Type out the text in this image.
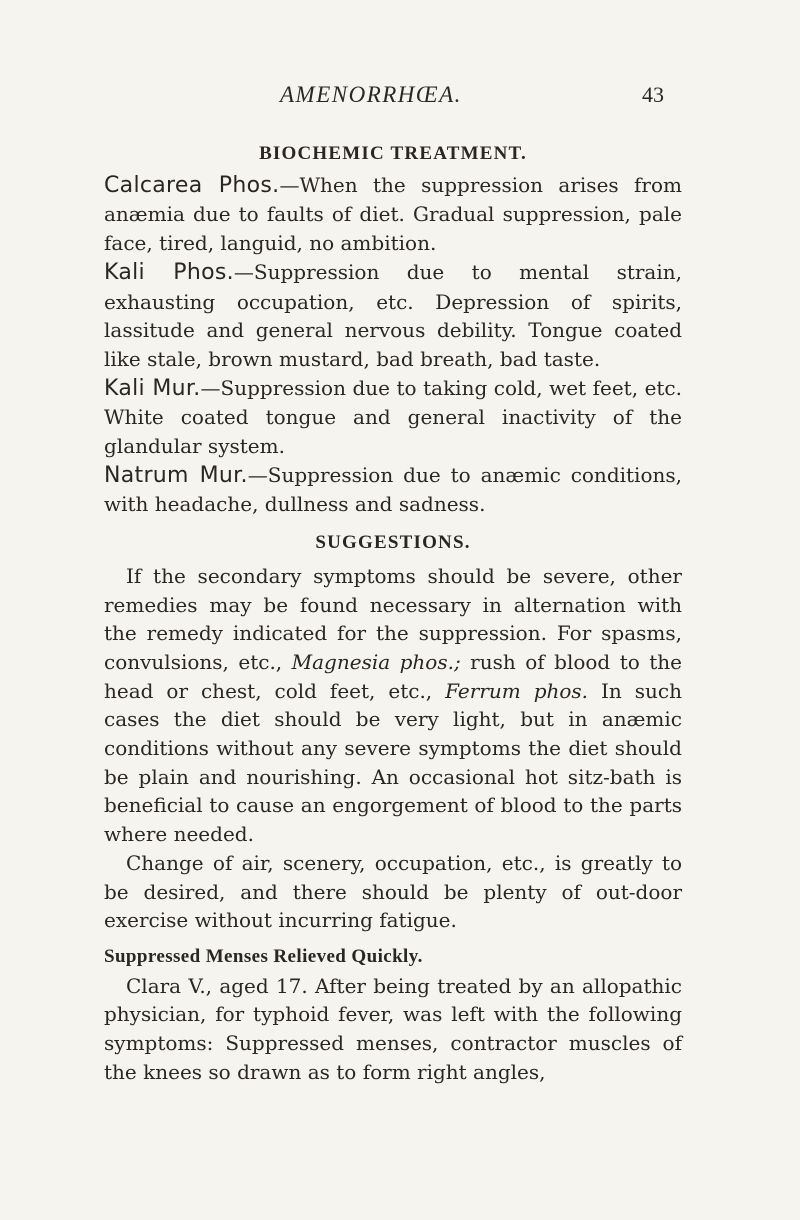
AMENORRHŒA.	43
BIOCHEMIC TREATMENT.

Calcarea Phos.—When the suppression arises from anæmia due to faults of diet. Gradual suppression, pale face, tired, languid, no ambition.

Kali Phos.—Suppression due to mental strain, exhausting occupation, etc. Depression of spirits, lassitude and general nervous debility. Tongue coated like stale, brown mustard, bad breath, bad taste.

Kali Mur.—Suppression due to taking cold, wet feet, etc. White coated tongue and general inactivity of the glandular system.

Natrum Mur.—Suppression due to anæmic conditions, with headache, dullness and sadness.

SUGGESTIONS.

If the secondary symptoms should be severe, other remedies may be found necessary in alternation with the remedy indicated for the suppression. For spasms, convulsions, etc., Magnesia phos.; rush of blood to the head or chest, cold feet, etc., Ferrum phos. In such cases the diet should be very light, but in anæmic conditions without any severe symptoms the diet should be plain and nourishing. An occasional hot sitz-bath is beneficial to cause an engorgement of blood to the parts where needed.

Change of air, scenery, occupation, etc., is greatly to be desired, and there should be plenty of out-door exercise without incurring fatigue.

Suppressed Menses Relieved Quickly.

Clara V., aged 17. After being treated by an allopathic physician, for typhoid fever, was left with the following symptoms: Suppressed menses, contractor muscles of the knees so drawn as to form right angles,
